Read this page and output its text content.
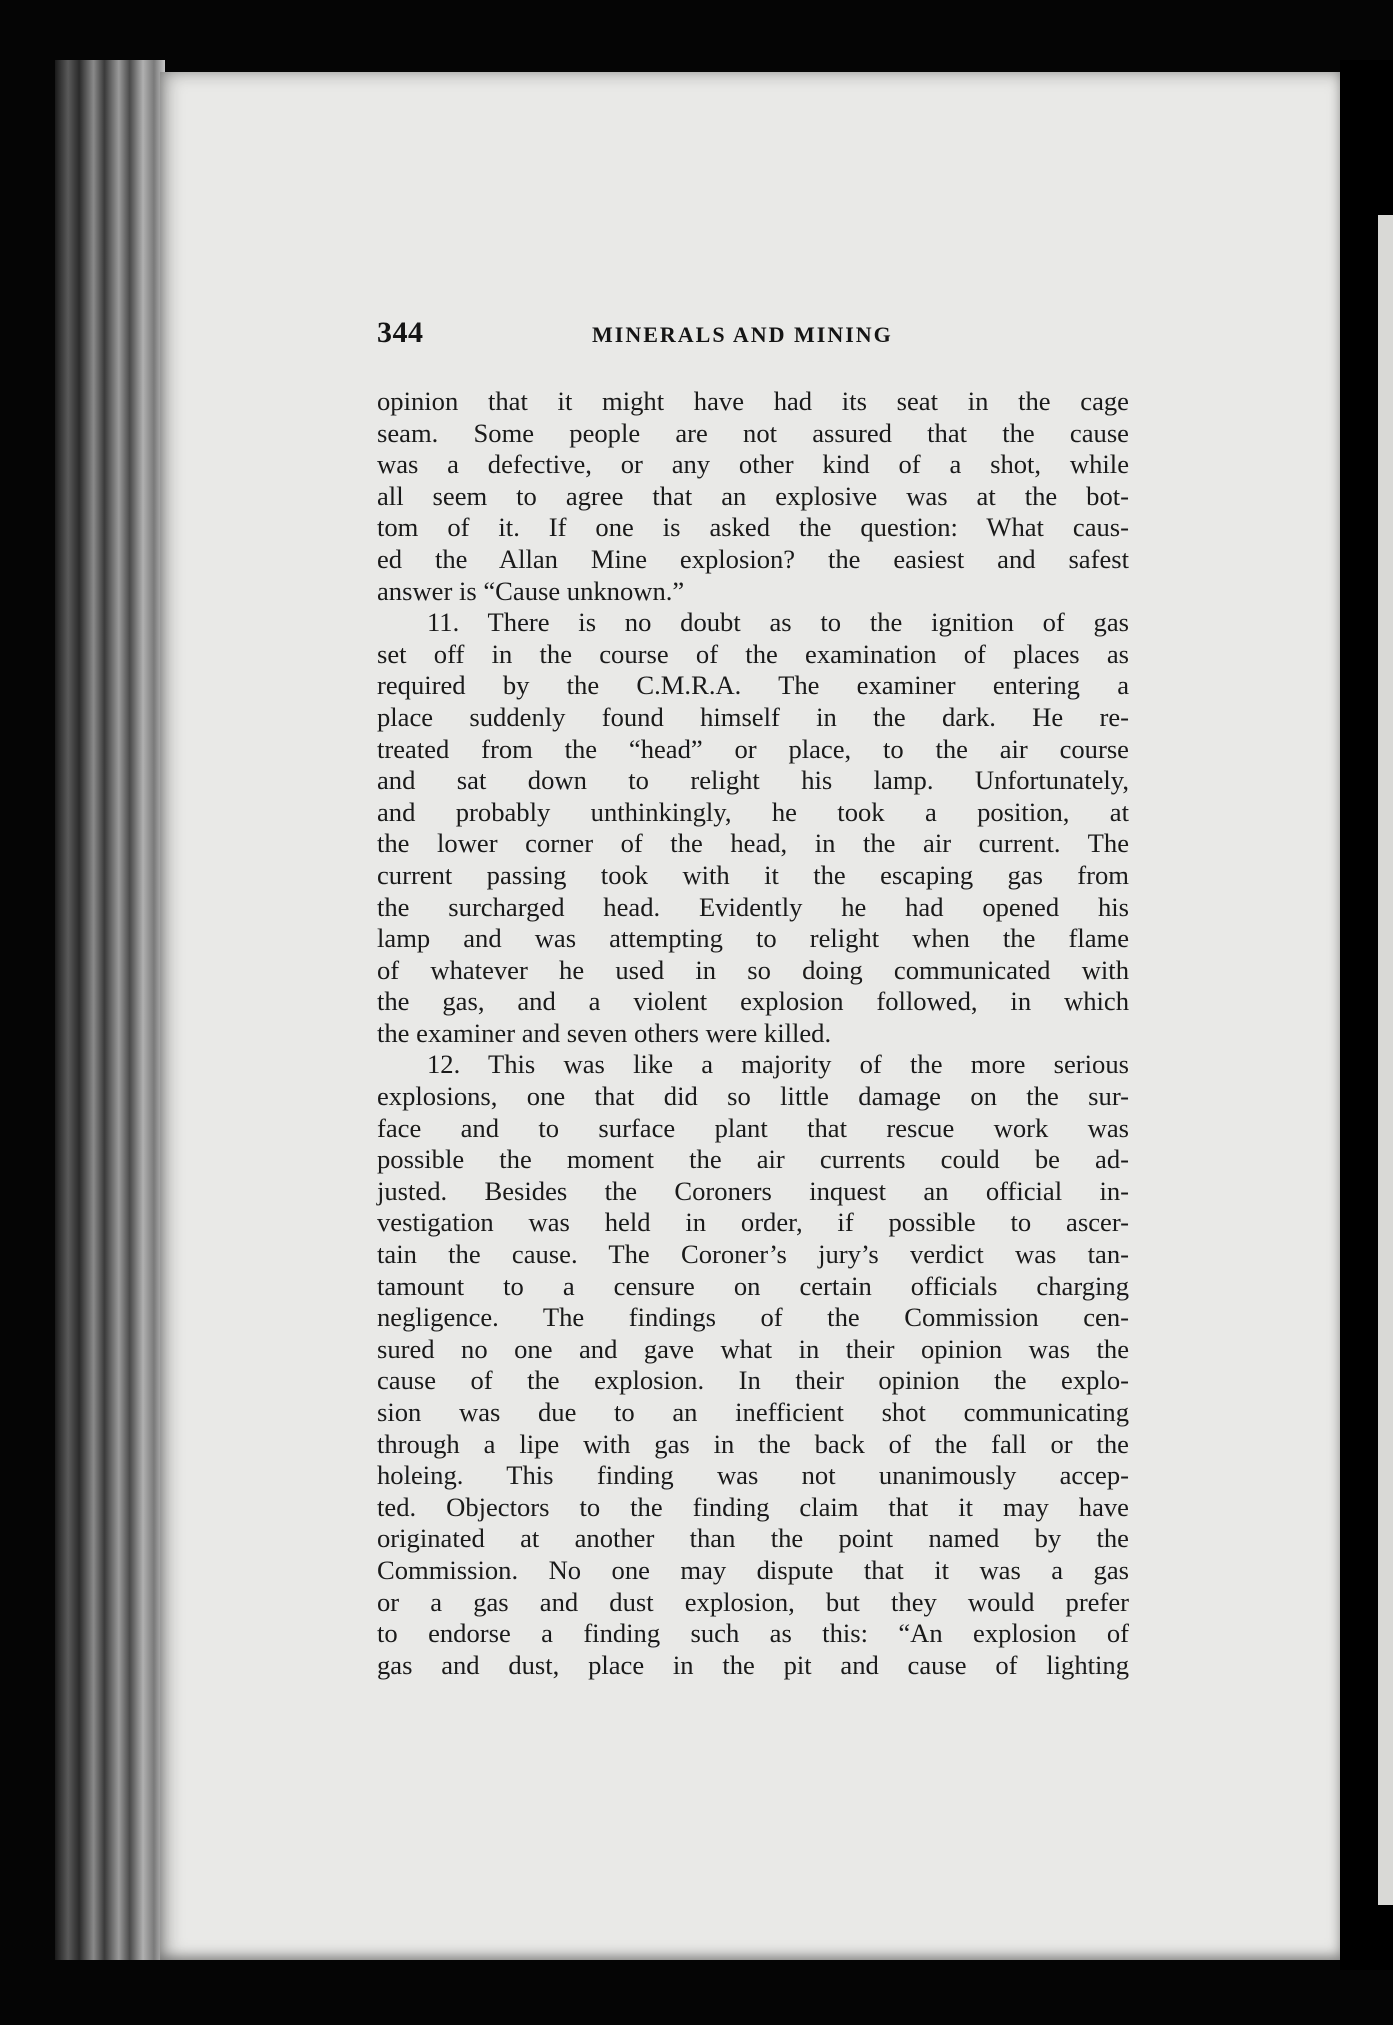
344	MINERALS AND MINING
opinion that it might have had its seat in the cage
seam. Some people are not assured that the cause
was a defective, or any other kind of a shot, while
all seem to agree that an explosive was at the bot-
tom of it. If one is asked the question: What caus-
ed the Allan Mine explosion? the easiest and safest
answer is “Cause unknown.”
11. There is no doubt as to the ignition of gas
set off in the course of the examination of places as
required by the C.M.R.A. The examiner entering a
place suddenly found himself in the dark. He re-
treated from the “head” or place, to the air course
and sat down to relight his lamp. Unfortunately,
and probably unthinkingly, he took a position, at
the lower corner of the head, in the air current. The
current passing took with it the escaping gas from
the surcharged head. Evidently he had opened his
lamp and was attempting to relight when the flame
of whatever he used in so doing communicated with
the gas, and a violent explosion followed, in which
the examiner and seven others were killed.
12. This was like a majority of the more serious
explosions, one that did so little damage on the sur-
face and to surface plant that rescue work was
possible the moment the air currents could be ad-
justed. Besides the Coroners inquest an official in-
vestigation was held in order, if possible to ascer-
tain the cause. The Coroner’s jury’s verdict was tan-
tamount to a censure on certain officials charging
negligence. The findings of the Commission cen-
sured no one and gave what in their opinion was the
cause of the explosion. In their opinion the explo-
sion was due to an inefficient shot communicating
through a lipe with gas in the back of the fall or the
holeing. This finding was not unanimously accep-
ted. Objectors to the finding claim that it may have
originated at another than the point named by the
Commission. No one may dispute that it was a gas
or a gas and dust explosion, but they would prefer
to endorse a finding such as this: “An explosion of
gas and dust, place in the pit and cause of lighting
